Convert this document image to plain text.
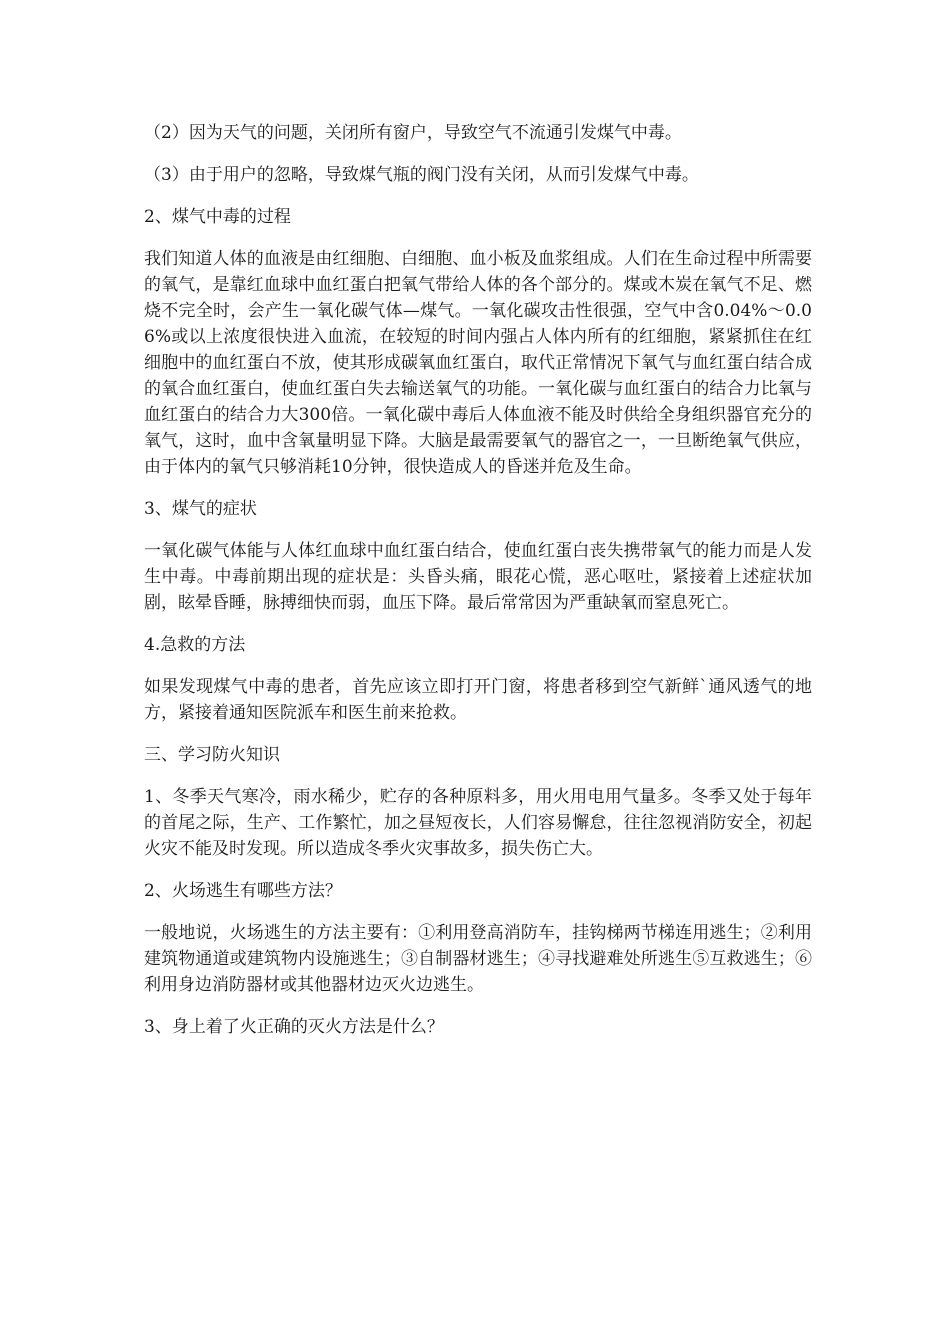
（2）因为天气的问题，关闭所有窗户，导致空气不流通引发煤气中毒。
（3）由于用户的忽略，导致煤气瓶的阀门没有关闭，从而引发煤气中毒。
2、煤气中毒的过程
我们知道人体的血液是由红细胞、白细胞、血小板及血浆组成。人们在生命过程中所需要的氧气，是靠红血球中血红蛋白把氧气带给人体的各个部分的。煤或木炭在氧气不足、燃烧不完全时，会产生一氧化碳气体—煤气。一氧化碳攻击性很强，空气中含0.04%～0.06%或以上浓度很快进入血流，在较短的时间内强占人体内所有的红细胞，紧紧抓住在红细胞中的血红蛋白不放，使其形成碳氧血红蛋白，取代正常情况下氧气与血红蛋白结合成的氧合血红蛋白，使血红蛋白失去输送氧气的功能。一氧化碳与血红蛋白的结合力比氧与血红蛋白的结合力大300倍。一氧化碳中毒后人体血液不能及时供给全身组织器官充分的氧气，这时，血中含氧量明显下降。大脑是最需要氧气的器官之一，一旦断绝氧气供应，由于体内的氧气只够消耗10分钟，很快造成人的昏迷并危及生命。
3、煤气的症状
一氧化碳气体能与人体红血球中血红蛋白结合，使血红蛋白丧失携带氧气的能力而是人发生中毒。中毒前期出现的症状是：头昏头痛，眼花心慌，恶心呕吐，紧接着上述症状加剧，眩晕昏睡，脉搏细快而弱，血压下降。最后常常因为严重缺氧而窒息死亡。
4.急救的方法
如果发现煤气中毒的患者，首先应该立即打开门窗，将患者移到空气新鲜`通风透气的地方，紧接着通知医院派车和医生前来抢救。
三、学习防火知识
1、冬季天气寒冷，雨水稀少，贮存的各种原料多，用火用电用气量多。冬季又处于每年的首尾之际，生产、工作繁忙，加之昼短夜长，人们容易懈怠，往往忽视消防安全，初起火灾不能及时发现。所以造成冬季火灾事故多，损失伤亡大。
2、火场逃生有哪些方法？
一般地说，火场逃生的方法主要有：①利用登高消防车，挂钩梯两节梯连用逃生；②利用建筑物通道或建筑物内设施逃生；③自制器材逃生；④寻找避难处所逃生⑤互救逃生；⑥利用身边消防器材或其他器材边灭火边逃生。
3、身上着了火正确的灭火方法是什么？
